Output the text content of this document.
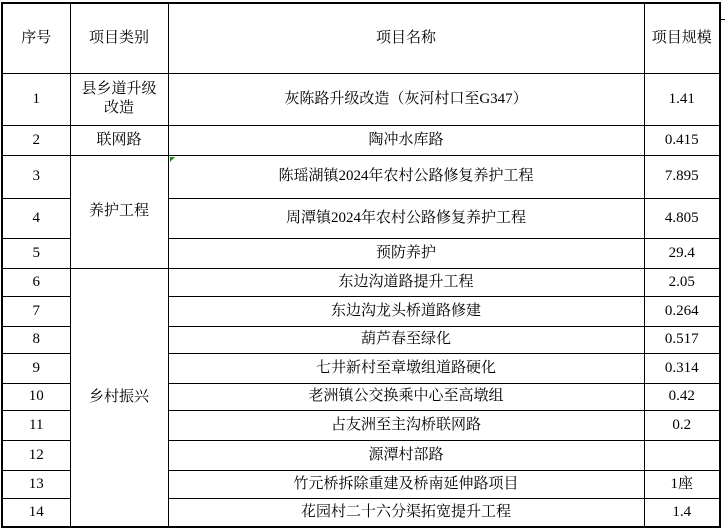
序号	项目类别	项目名称	项目规模
1	县乡道升级改造	灰陈路升级改造（灰河村口至G347）	1.41
2	联网路	陶冲水库路	0.415
3	养护工程	陈瑶湖镇2024年农村公路修复养护工程	7.895
4		周潭镇2024年农村公路修复养护工程	4.805
5		预防养护	29.4
6	乡村振兴	东边沟道路提升工程	2.05
7		东边沟龙头桥道路修建	0.264
8		葫芦春至绿化	0.517
9		七井新村至章墩组道路硬化	0.314
10		老洲镇公交换乘中心至高墩组	0.42
11		占友洲至主沟桥联网路	0.2
12		源潭村部路	
13		竹元桥拆除重建及桥南延伸路项目	1座
14		花园村二十六分渠拓宽提升工程	1.4
